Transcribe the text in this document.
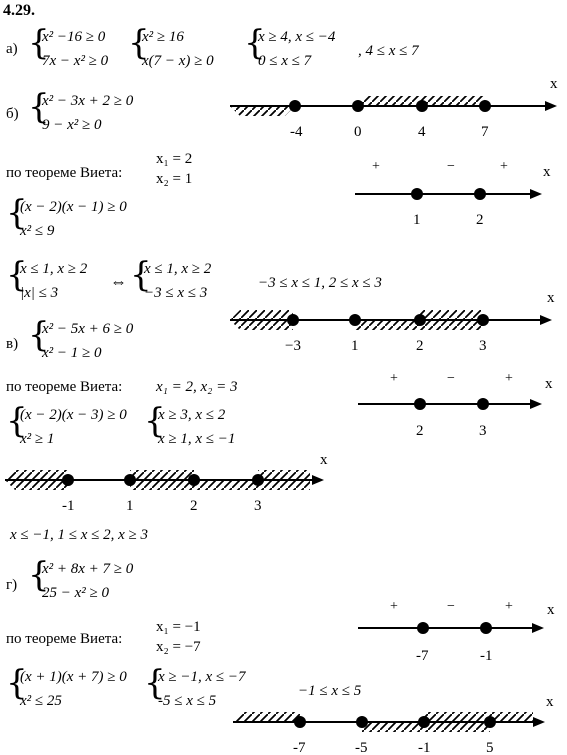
4.29.
а) {
x² −16 ≥ 0
7x − x² ≥ 0 {
x² ≥ 16
x(7 − x) ≥ 0 {
x ≥ 4, x ≤ −4
0 ≤ x ≤ 7
, 4 ≤ x ≤ 7
б) {
x² − 3x + 2 ≥ 0
9 − x² ≥ 0
x
-4	0	4	7
по теореме Виета:
x₁ = 2
x₂ = 1
+	−	+ x
1	2
{
(x − 2)(x − 1) ≥ 0
x² ≤ 9
{
x ≤ 1, x ≥ 2
|x| ≤ 3
⇔ {
x ≤ 1, x ≥ 2
−3 ≤ x ≤ 3
−3 ≤ x ≤ 1, 2 ≤ x ≤ 3
x
−3	1	2	3
в) {
x² − 5x + 6 ≥ 0
x² − 1 ≥ 0
по теореме Виета: x₁ = 2, x₂ = 3
+	−	+ x
2	3
{
(x − 2)(x − 3) ≥ 0
x² ≥ 1	{
x ≥ 3, x ≤ 2
x ≥ 1, x ≤ −1
x
-1	1	2	3
x ≤ −1, 1 ≤ x ≤ 2, x ≥ 3
г) {
x² + 8x + 7 ≥ 0
25 − x² ≥ 0
по теореме Виета:
x₁ = −1
x₂ = −7
+	−	+ x
-7	-1
{
(x + 1)(x + 7) ≥ 0
x² ≤ 25 {
x ≥ −1, x ≤ −7
-5 ≤ x ≤ 5
−1 ≤ x ≤ 5
x
-7	-5	-1	5
